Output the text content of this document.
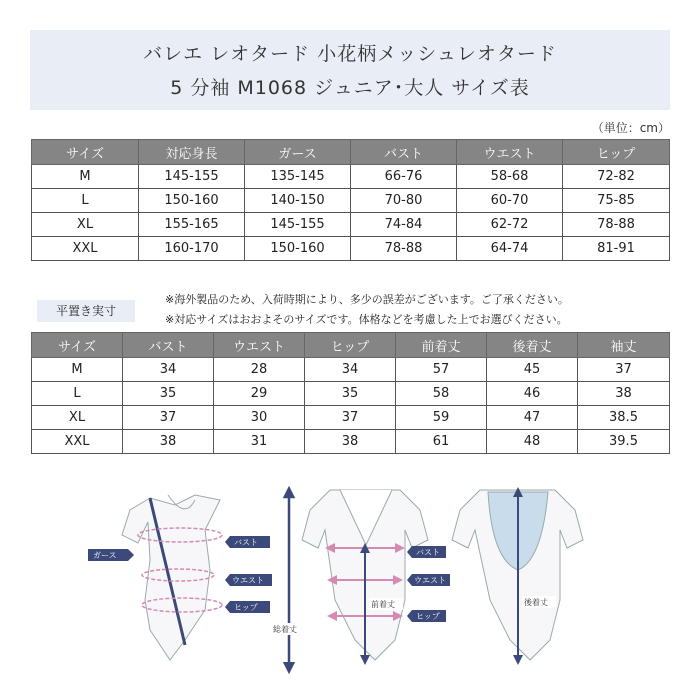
バレエ レオタード 小花柄メッシュレオタード
5 分袖 M1068 ジュニア･大人 サイズ表
（単位：cm）
サイズ	対応身長	ガース	バスト	ウエスト	ヒップ
M	145-155	135-145	66-76	58-68	72-82
L	150-160	140-150	70-80	60-70	75-85
XL	155-165	145-155	74-84	62-72	78-88
XXL	160-170	150-160	78-88	64-74	81-91
平置き実寸
※海外製品のため、入荷時期により、多少の誤差がございます。ご了承ください。
※対応サイズはおおよそのサイズです。体格などを考慮した上でお選びください。
サイズ	バスト	ウエスト	ヒップ	前着丈	後着丈	袖丈
M	34	28	34	57	45	37
L	35	29	35	58	46	38
XL	37	30	37	59	47	38.5
XXL	38	31	38	61	48	39.5
ガース
バスト
ウエスト
ヒップ
総着丈
前着丈
バスト
ウエスト
ヒップ
後着丈
